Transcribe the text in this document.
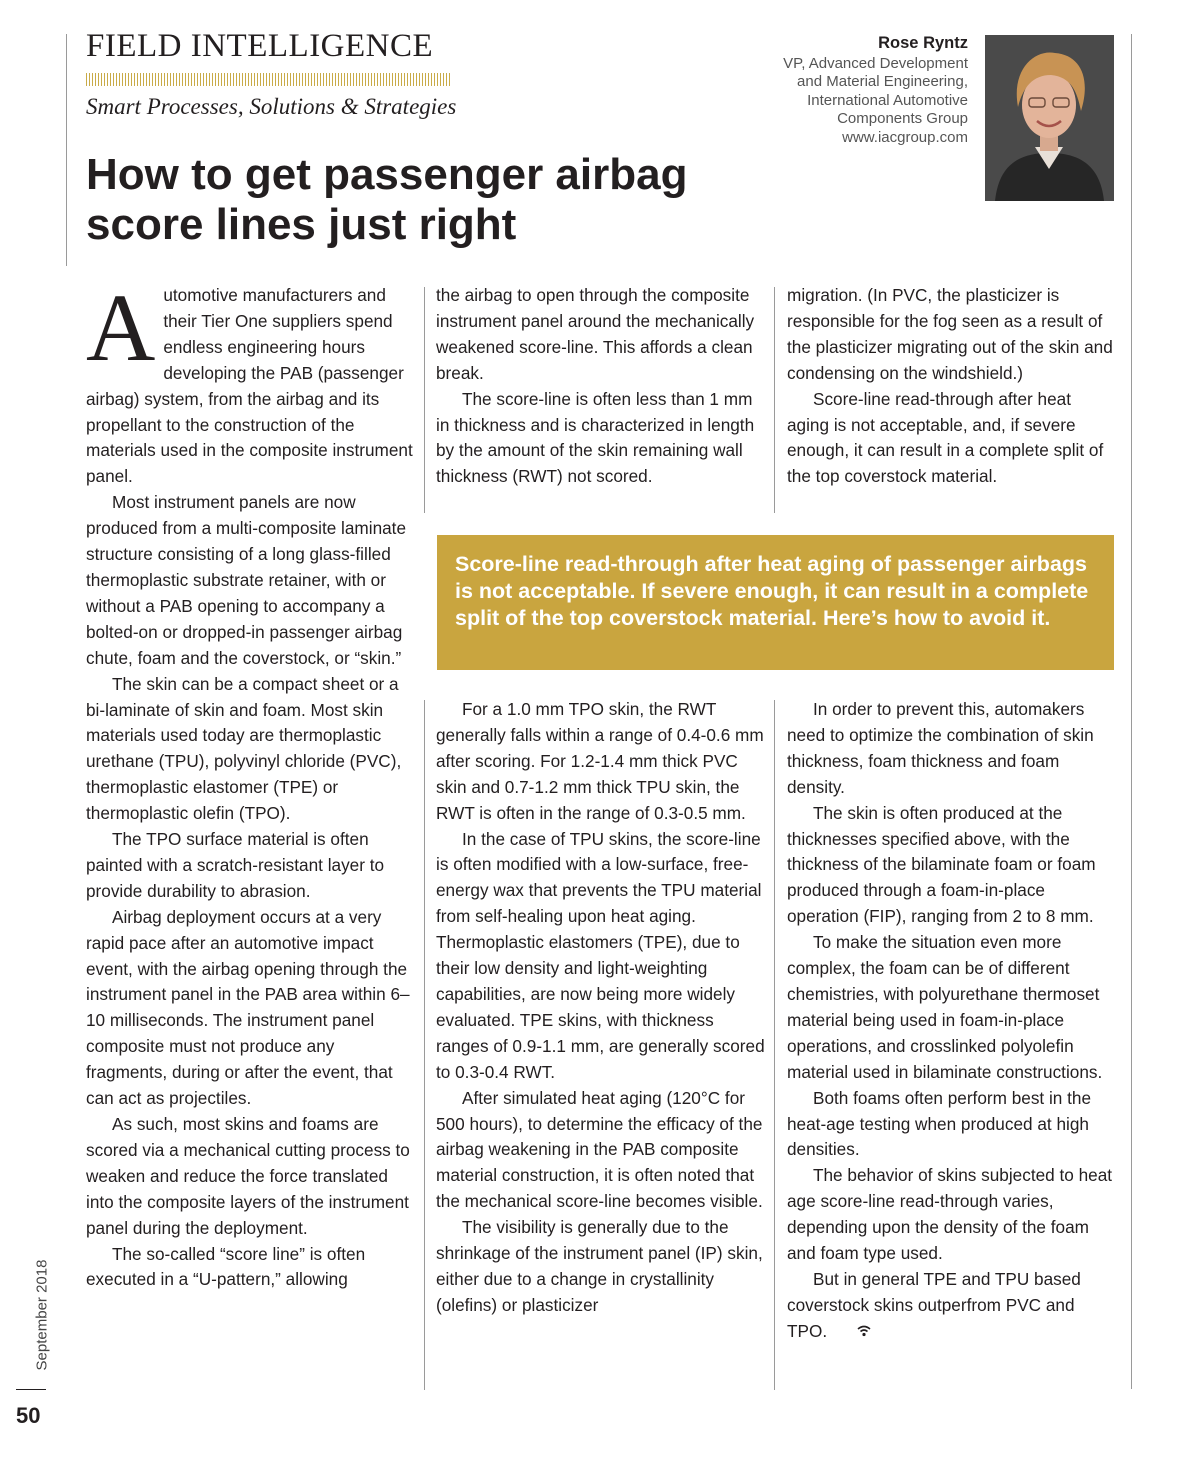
FIELD INTELLIGENCE
Smart Processes, Solutions & Strategies
Rose Ryntz
VP, Advanced Development
and Material Engineering,
International Automotive
Components Group
www.iacgroup.com
How to get passenger airbag score lines just right

Automotive manufacturers and their Tier One suppliers spend endless engineering hours developing the PAB (passenger airbag) system, from the airbag and its propellant to the construction of the materials used in the composite instrument panel.

Most instrument panels are now produced from a multi-composite laminate structure consisting of a long glass-filled thermoplastic substrate retainer, with or without a PAB opening to accompany a bolted-on or dropped-in passenger airbag chute, foam and the coverstock, or “skin.”

The skin can be a compact sheet or a bi-laminate of skin and foam. Most skin materials used today are thermoplastic urethane (TPU), polyvinyl chloride (PVC), thermoplastic elastomer (TPE) or thermoplastic olefin (TPO).

The TPO surface material is often painted with a scratch-resistant layer to provide durability to abrasion.

Airbag deployment occurs at a very rapid pace after an automotive impact event, with the airbag opening through the instrument panel in the PAB area within 6–10 milliseconds. The instrument panel composite must not produce any fragments, during or after the event, that can act as projectiles.

As such, most skins and foams are scored via a mechanical cutting process to weaken and reduce the force translated into the composite layers of the instrument panel during the deployment.

The so-called “score line” is often executed in a “U-pattern,” allowing

the airbag to open through the composite instrument panel around the mechanically weakened score-line. This affords a clean break.

The score-line is often less than 1 mm in thickness and is characterized in length by the amount of the skin remaining wall thickness (RWT) not scored.

migration. (In PVC, the plasticizer is responsible for the fog seen as a result of the plasticizer migrating out of the skin and condensing on the windshield.)

Score-line read-through after heat aging is not acceptable, and, if severe enough, it can result in a complete split of the top coverstock material.

Score-line read-through after heat aging of passenger airbags is not acceptable. If severe enough, it can result in a complete split of the top coverstock material. Here’s how to avoid it.

For a 1.0 mm TPO skin, the RWT generally falls within a range of 0.4-0.6 mm after scoring. For 1.2-1.4 mm thick PVC skin and 0.7-1.2 mm thick TPU skin, the RWT is often in the range of 0.3-0.5 mm.

In the case of TPU skins, the score-line is often modified with a low-surface, free-energy wax that prevents the TPU material from self-healing upon heat aging. Thermoplastic elastomers (TPE), due to their low density and light-weighting capabilities, are now being more widely evaluated. TPE skins, with thickness ranges of 0.9-1.1 mm, are generally scored to 0.3-0.4 RWT.

After simulated heat aging (120°C for 500 hours), to determine the efficacy of the airbag weakening in the PAB composite material construction, it is often noted that the mechanical score-line becomes visible.

The visibility is generally due to the shrinkage of the instrument panel (IP) skin, either due to a change in crystallinity (olefins) or plasticizer

In order to prevent this, automakers need to optimize the combination of skin thickness, foam thickness and foam density.

The skin is often produced at the thicknesses specified above, with the thickness of the bilaminate foam or foam produced through a foam-in-place operation (FIP), ranging from 2 to 8 mm.

To make the situation even more complex, the foam can be of different chemistries, with polyurethane thermoset material being used in foam-in-place operations, and crosslinked polyolefin material used in bilaminate constructions.

Both foams often perform best in the heat-age testing when produced at high densities.

The behavior of skins subjected to heat age score-line read-through varies, depending upon the density of the foam and foam type used.

But in general TPE and TPU based coverstock skins outperfrom PVC and TPO.

September 2018
50
